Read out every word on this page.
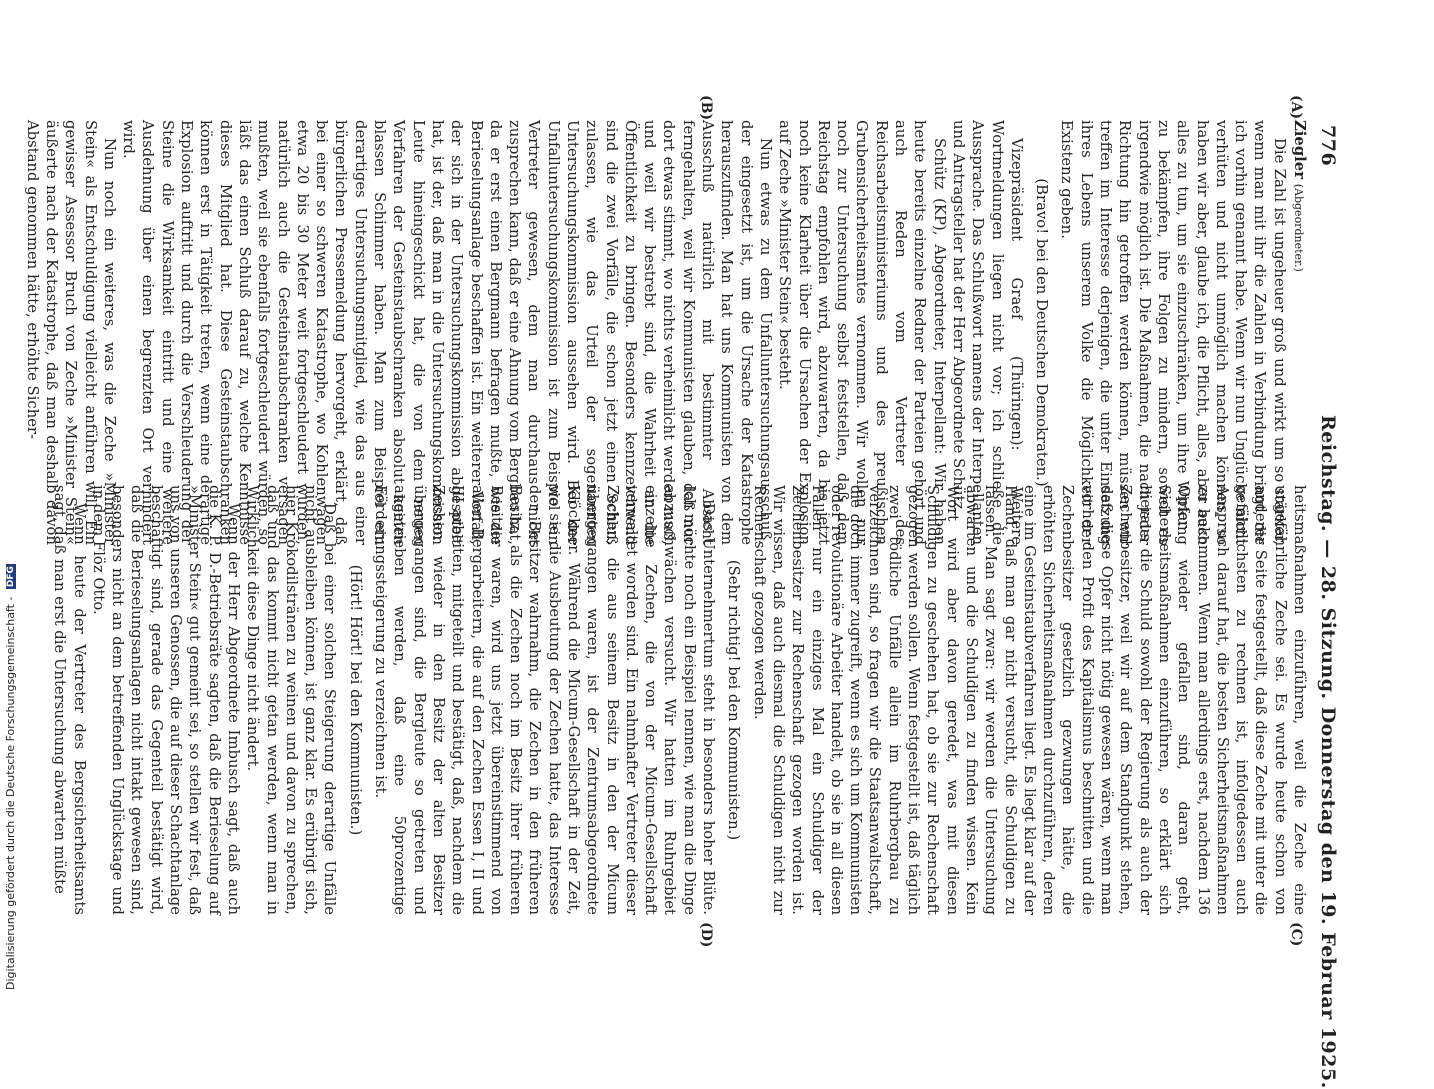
776
Reichstag. — 28. Sitzung. Donnerstag den 19. Februar 1925.
(A)
(B)
(C)
(D)

Ziegler (Abgeordneter.)

Die Zahl ist ungeheuer groß und wirkt um so stärker, wenn man mit ihr die Zahlen in Verbindung bringt, die ich vorhin genannt habe. Wenn wir nun Unglücke nicht verhüten und nicht unmöglich machen können, so haben wir aber, glaube ich, die Pflicht, alles, aber auch alles zu tun, um sie einzuschränken, um ihre Wirkung zu bekämpfen, ihre Folgen zu mindern, soweit es irgendwie möglich ist. Die Maßnahmen, die nach jeder Richtung hin getroffen werden können, müssen wir treffen im Interesse derjenigen, die unter Einsetzung ihres Lebens unserem Volke die Möglichkeit der Existenz geben.

(Bravo! bei den Deutschen Demokraten.)

Vizepräsident Graef (Thüringen): Weitere Wortmeldungen liegen nicht vor; ich schließe die Aussprache. Das Schlußwort namens der Interpellanten und Antragsteller hat der Herr Abgeordnete Schütz.

Schütz (KP), Abgeordneter, Interpellant: Wir haben heute bereits einzelne Redner der Parteien gehört und auch Reden vom Vertreter des Reichsarbeitsministeriums und des preußischen Grubensicherheitsamtes vernommen. Wir wollen nur noch zur Untersuchung selbst feststellen, daß dem Reichstag empfohlen wird, abzuwarten, da bis jetzt noch keine Klarheit über die Ursachen der Explosion auf Zeche »Minister Stein« besteht.

Nun etwas zu dem Unfalluntersuchungsausschuß, der eingesetzt ist, um die Ursache der Katastrophe herauszufinden. Man hat uns Kommunisten von dem Ausschuß natürlich mit bestimmter Absicht ferngehalten, weil wir Kommunisten glauben, daß nur dort etwas stimmt, wo nichts verheimlicht werden muß, und weil wir bestrebt sind, die Wahrheit an die Öffentlichkeit zu bringen. Besonders kennzeichnend sind die zwei Vorfälle, die schon jetzt einen Schluß zulassen, wie das Urteil der sogenannten Untersuchungskommission aussehen wird. Bei der Unfalluntersuchungskommission ist zum Beispiel ein Vertreter gewesen, dem man durchaus nicht zusprechen kann, daß er eine Ahnung vom Bergbau hat, da er erst einen Bergmann befragen mußte, wie die Berieselungsanlage beschaffen ist. Ein weiterer Vorfall, der sich in der Untersuchungskommission abgespielt hat, ist der, daß man in die Untersuchungskommission Leute hineingeschickt hat, die von dem neuen Verfahren der Gesteinstaubschranken absolut keinen blassen Schimmer haben. Man zum Beispiel ein derartiges Untersuchungsmitglied, wie das aus einer bürgerlichen Pressemeldung hervorgeht, erklärt, daß bei einer so schweren Katastrophe, wo Kohlenwagen etwa 20 bis 30 Meter weit fortgeschleudert wurden, natürlich auch die Gesteinstaubschranken versagen mußten, weil sie ebenfalls fortgeschleudert würden, so läßt das einen Schluß darauf zu, welche Kenntnisse dieses Mitglied hat. Diese Gesteinstaubschranken können erst in Tätigkeit treten, wenn eine derartige Explosion auftritt und durch die Verschleuderung der Steine die Wirksamkeit eintritt und eine weitere Ausdehnung über einen begrenzten Ort verhindert wird.

Nun noch ein weiteres, was die Zeche »Minister Stein« als Entschuldigung vielleicht anführen will. Ein gewisser Assessor Bruch von Zeche »Minister Stein« äußerte nach der Katastrophe, daß man deshalb davon Abstand genommen hätte, erhöhte Sicher-

heitsmaßnahmen einzuführen, weil die Zeche eine ungefährliche Zeche sei. Es wurde heute schon von anderer Seite festgestellt, daß diese Zeche mit unter die gefährlichsten zu rechnen ist, infolgedessen auch Anspruch darauf hat, die besten Sicherheitsmaßnahmen zu bekommen. Wenn man allerdings erst, nachdem 136 Opfer wieder gefallen sind, daran geht, Sicherheitsmaßnahmen einzuführen, so erklärt sich hieraus die Schuld sowohl der Regierung als auch der Zechenbesitzer, weil wir auf dem Standpunkt stehen, daß diese Opfer nicht nötig gewesen wären, wenn man vorher den Profit des Kapitalismus beschnitten und die Zechenbesitzer gesetzlich gezwungen hätte, die erhöhten Sicherheitsmaßnahmen durchzuführen, deren eine im Gesteinstaubverfahren liegt. Es liegt klar auf der Hand, daß man gar nicht versucht, die Schuldigen zu fassen. Man sagt zwar: wir werden die Untersuchung abwarten und die Schuldigen zu finden wissen. Kein Wort wird aber davon geredet, was mit diesen Schuldigen zu geschehen hat, ob sie zur Rechenschaft gezogen werden sollen. Wenn festgestellt ist, daß täglich zwei tödliche Unfälle allein im Ruhrbergbau zu verzeichnen sind, so fragen wir die Staatsanwaltschaft, die doch immer zugreift, wenn es sich um Kommunisten oder revolutionäre Arbeiter handelt, ob sie in all diesen Fällen nur ein einziges Mal ein Schuldiger der Zechenbesitzer zur Rechenschaft gezogen worden ist. Wir wissen, daß auch diesmal die Schuldigen nicht zur Rechenschaft gezogen werden.

(Sehr richtig! bei den Kommunisten.)

Das Unternehmertum steht in besonders hoher Blüte. Ich möchte noch ein Beispiel nennen, wie man die Dinge abzuschwächen versucht. Wir hatten im Ruhrgebiet einzelne Zechen, die von der Micum-Gesellschaft verwaltet worden sind. Ein nahmhafter Vertreter dieser Zechen, die aus seinem Besitz in den der Micum übergegangen waren, ist der Zentrumsabgeordnete Klöckner. Während die Micum-Gesellschaft in der Zeit, wo sie die Ausbeutung der Zechen hatte, das Interesse der Besitzer wahrnahm, die Zechen in den früheren Besitz, als die Zechen noch im Besitz ihrer früheren Besitzer waren, wird uns jetzt übereinstimmend von allen Bergarbeitern, die auf den Zechen Essen I, II und III arbeiten, mitgeteilt und bestätigt, daß, nachdem die Zechen wieder in den Besitz der alten Besitzer übergegangen sind, die Bergleute so getreten und angetrieben werden, daß eine 50prozentige Förderungssteigerung zu verzeichnen ist.

(Hört! Hört! bei den Kommunisten.)

Daß bei einer solchen Steigerung derartige Unfälle nicht ausbleiben können, ist ganz klar. Es erübrigt sich, hier Krokodilstränen zu weinen und davon zu sprechen, daß und das kommt nicht getan werden, wenn man in Wirklichkeit diese Dinge nicht ändert.

Wenn der Herr Abgeordnete Imbusch sagt, daß auch die K. P. D.-Betriebsräte sagten, daß die Berieselung auf »Minister Stein« gut gemeint sei, so stellen wir fest, daß uns von unseren Genossen, die auf dieser Schachtanlage beschäftigt sind, gerade das Gegenteil bestätigt wird, daß die Berieselungsanlagen nicht intakt gewesen sind, besonders nicht an dem betreffenden Unglückstage und in dem Flöz Otto.

Wenn heute der Vertreter des Bergsicherheitsamts sagt, daß man erst die Untersuchung abwarten müßte

Digitalisierung gefördert durch die Deutsche Forschungsgemeinschaft - DFG
